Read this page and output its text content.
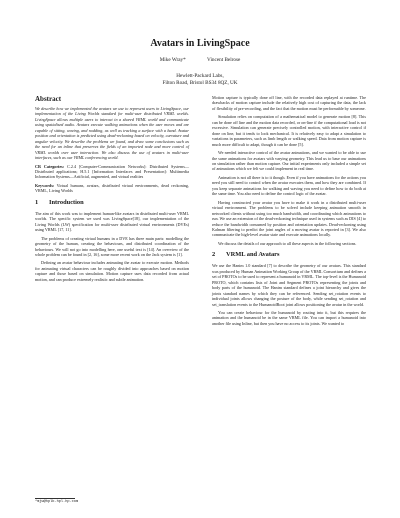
Avatars in LivingSpace
Mike Wray*	Vincent Belrose
Hewlett-Packard Labs,
Filton Road, Bristol BS34 8QZ, UK
Abstract

We describe how we implemented the avatars we use to represent users in LivingSpace, our implementation of the Living Worlds standard for multi-user distributed VRML worlds. LivingSpace allows multiple users to interact in a shared VRML world and communicate using spatialised audio. Avatars execute walking animations when the user moves and are capable of sitting, waving, and nodding, as well as tracking a surface with a hand. Avatar position and orientation is predicted using dead-reckoning based on velocity, curvature and angular velocity. We describe the problems we found, and draw some conclusions such as the need for an inline that preserves the fields of an imported node and more control of VRML worlds over user interaction. We also discuss the use of avatars in multi-user interfaces, such as our VRML conferencing world.

CR Categories: C.2.4 [Computer-Communication Networks]: Distributed Systems—Distributed applications; H.5.1 [Information Interfaces and Presentation]: Multimedia Information Systems—Artificial, augmented, and virtual realities

Keywords: Virtual humans, avatars, distributed virtual environments, dead reckoning, VRML, Living Worlds

1 Introduction

The aim of this work was to implement human-like avatars in distributed multi-user VRML worlds. The specific system we used was LivingSpace[18], our implementation of the Living Worlds (LW) specification for multi-user distributed virtual environments (DVEs) using VRML [17, 11].

The problems of creating virtual humans in a DVE has three main parts: modelling the geometry of the human, creating the behaviours, and distributed coordination of the behaviours. We will not go into modelling here, one useful text is [14]. An overview of the whole problem can be found in [2, 16], some more recent work on the Jack system is [1].

Defining an avatar behaviour includes animating the avatar to execute motion. Methods for animating virtual characters can be roughly divided into approaches based on motion capture and those based on simulation. Motion capture uses data recorded from actual motion, and can produce extremely realistic and subtle animation.

Motion capture is typically done off line, with the recorded data replayed at runtime. The drawbacks of motion capture include the relatively high cost of capturing the data, the lack of flexibility of pre-recording, and the fact that the motion must be performable by someone.

Simulation relies on computation of a mathematical model to generate motion [8]. This can be done off line and the motion data recorded, or on-line if the computational load is not excessive. Simulation can generate precisely controlled motion, with interactive control if done on line, but it tends to look mechanical. It is relatively easy to adapt a simulation to variations in parameters, such as limb length or walking speed. Data from motion capture is much more difficult to adapt, though it can be done [5].

We needed interactive control of the avatar animations, and we wanted to be able to use the same animations for avatars with varying geometry. This lead us to base our animations on simulation rather than motion capture. Our initial experiments only included a simple set of animations which we felt we could implement in real time.

Animation is not all there is to it though. Even if you have animations for the actions you need you still need to control when the avatar executes them, and how they are combined. If you keep separate animations for walking and waving you need to define how to do both at the same time. You also need to define the control logic of the avatar.

Having constructed your avatar you have to make it work in a distributed multi-user virtual environment. The problems to be solved include keeping animation smooth in networked clients without using too much bandwidth, and coordinating which animations to run. We use an extension of the dead-reckoning technique used in systems such as DIS [4] to reduce the bandwidth consumed by position and orientation updates. Dead-reckoning using Kalman filtering to predict the joint angles of a moving avatar is reported in [3]. We also communicate the high-level avatar state and execute animations locally.

We discuss the details of our approach to all these aspects in the following sections.

2 VRML and Avatars

We use the Hanim 1.0 standard [7] to describe the geometry of our avatars. This standard was produced by Human Animation Working Group of the VRML Consortium and defines a set of PROTOs to be used to represent a humanoid in VRML. The top-level is the Humanoid PROTO, which contains lists of Joint and Segment PROTOs representing the joints and body parts of the humanoid. The Hanim standard defines a joint hierarchy and gives the joints standard names by which they can be referenced. Sending set_rotation events to individual joints allows changing the posture of the body, while sending set_rotation and set_translation events to the HumanoidRoot joint allows positioning the avatar in the world.

You can create behaviour for the humanoid by routing into it, but this requires the animation and the humanoid be in the same VRML file. You can import a humanoid into another file using Inline, but then you have no access to its joints. We wanted to

*mjw@hplb.hpl.hp.com
